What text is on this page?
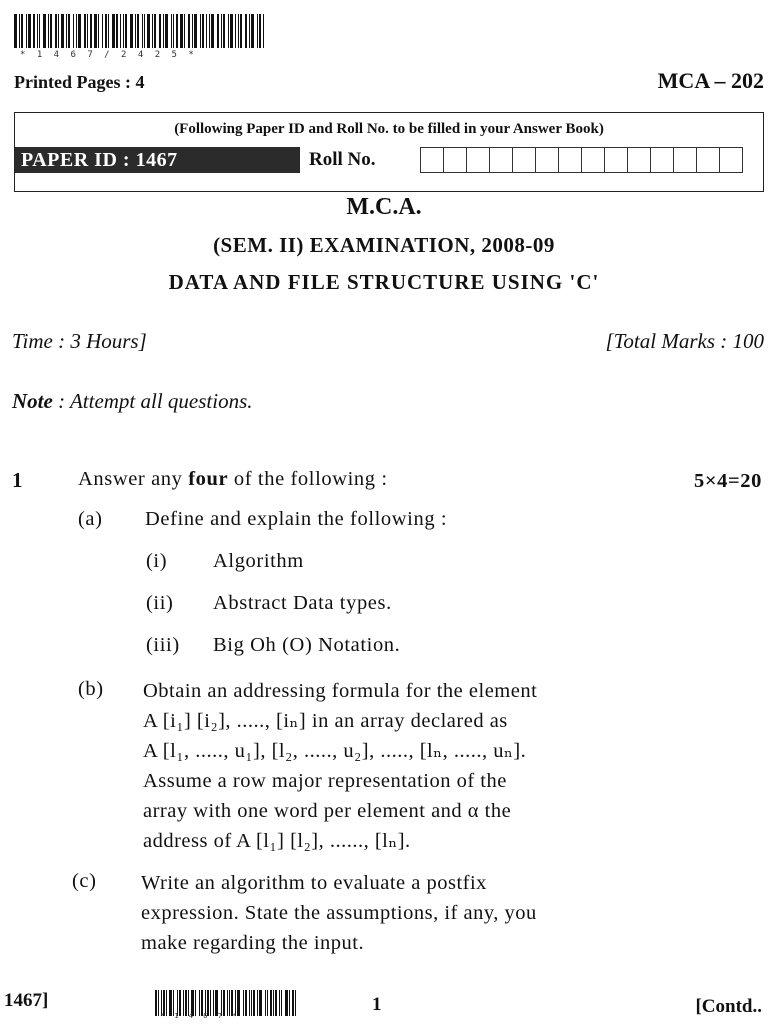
* 1 4 6 7 / 2 4 2 5 *
Printed Pages : 4	MCA – 202
(Following Paper ID and Roll No. to be filled in your Answer Book)
PAPER ID : 1467	Roll No.
M.C.A.
(SEM. II) EXAMINATION, 2008-09
DATA AND FILE STRUCTURE USING 'C'
Time : 3 Hours]	[Total Marks : 100
Note : Attempt all questions.
1	Answer any four of the following :	5×4=20
(a) Define and explain the following :
(i) Algorithm
(ii) Abstract Data types.
(iii) Big Oh (O) Notation.
(b) Obtain an addressing formula for the element
A [i₁] [i₂], ....., [iₙ] in an array declared as
A [l₁, ....., u₁], [l₂, ....., u₂], ....., [lₙ, ....., uₙ].
Assume a row major representation of the
array with one word per element and α the
address of A [l₁] [l₂], ......, [lₙ].
(c) Write an algorithm to evaluate a postfix
expression. State the assumptions, if any, you
make regarding the input.
1467]
* 1 4 6 7 *
1	[Contd..
